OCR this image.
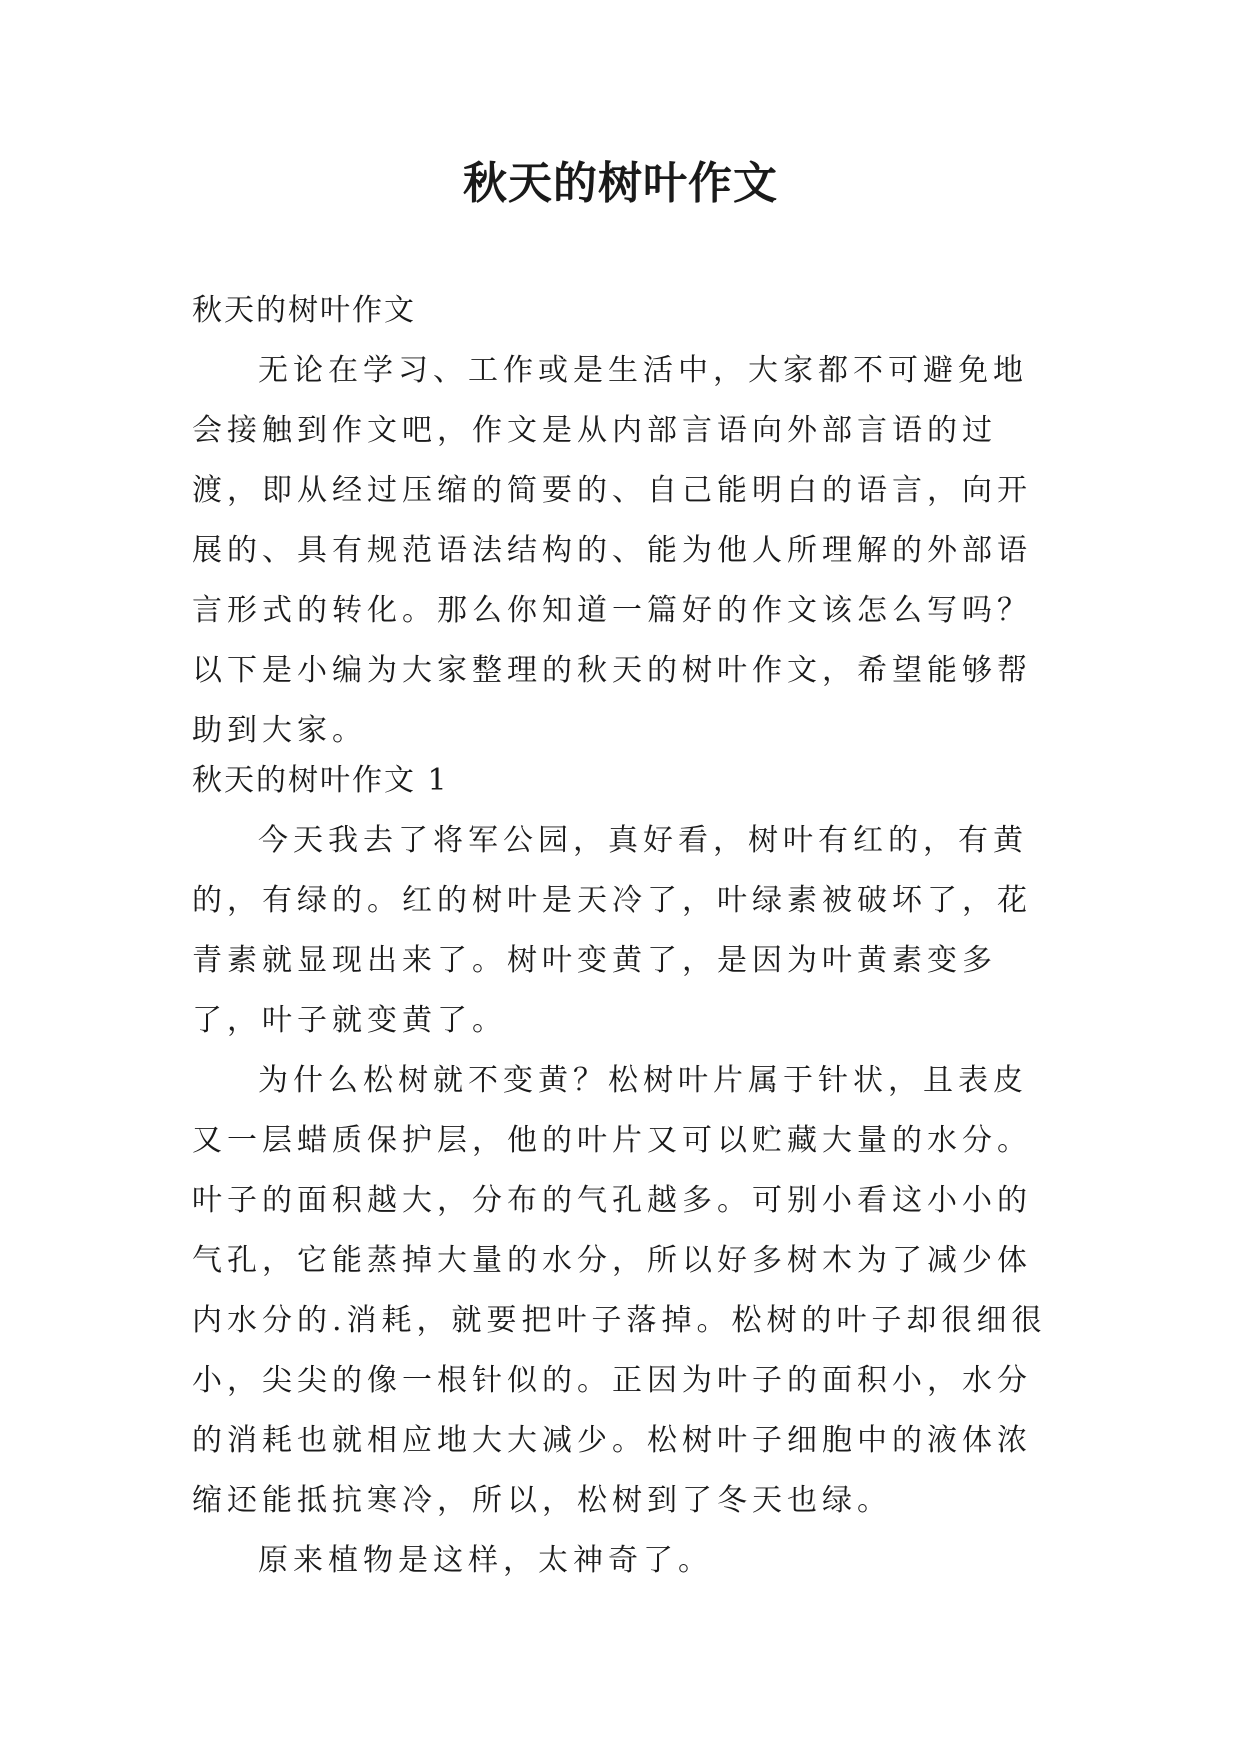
秋天的树叶作文
秋天的树叶作文

无论在学习、工作或是生活中，大家都不可避免地会接触到作文吧，作文是从内部言语向外部言语的过渡，即从经过压缩的简要的、自己能明白的语言，向开展的、具有规范语法结构的、能为他人所理解的外部语言形式的转化。那么你知道一篇好的作文该怎么写吗？以下是小编为大家整理的秋天的树叶作文，希望能够帮助到大家。

秋天的树叶作文 1

今天我去了将军公园，真好看，树叶有红的，有黄的，有绿的。红的树叶是天冷了，叶绿素被破坏了，花青素就显现出来了。树叶变黄了，是因为叶黄素变多了，叶子就变黄了。

为什么松树就不变黄？松树叶片属于针状，且表皮又一层蜡质保护层，他的叶片又可以贮藏大量的水分。叶子的面积越大，分布的气孔越多。可别小看这小小的气孔，它能蒸掉大量的水分，所以好多树木为了减少体内水分的.消耗，就要把叶子落掉。松树的叶子却很细很小，尖尖的像一根针似的。正因为叶子的面积小，水分的消耗也就相应地大大减少。松树叶子细胞中的液体浓缩还能抵抗寒冷，所以，松树到了冬天也绿。

原来植物是这样，太神奇了。
